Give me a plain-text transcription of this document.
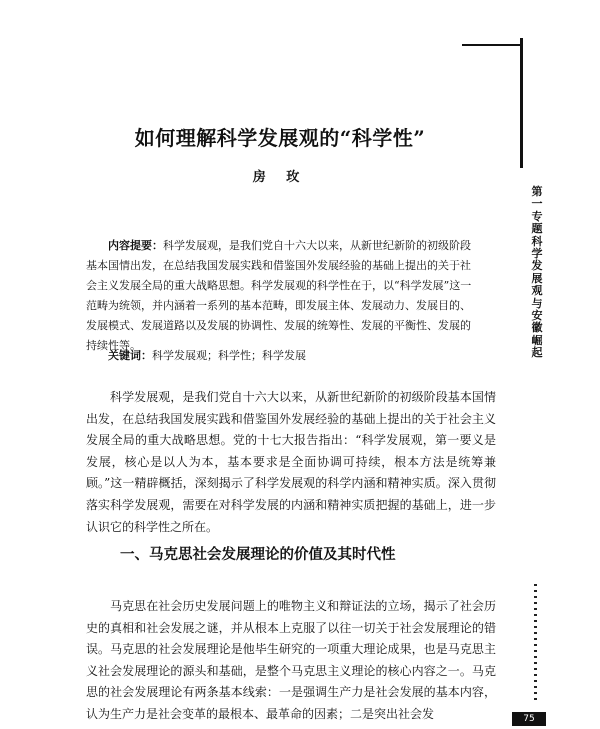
第一专题 科学发展观与安徽崛起
75
如何理解科学发展观的“科学性”

房 玫

内容提要：科学发展观，是我们党自十六大以来，从新世纪新阶的初级阶段基本国情出发，在总结我国发展实践和借鉴国外发展经验的基础上提出的关于社会主义发展全局的重大战略思想。科学发展观的科学性在于，以“科学发展”这一范畴为统领，并内涵着一系列的基本范畴，即发展主体、发展动力、发展目的、发展模式、发展道路以及发展的协调性、发展的统筹性、发展的平衡性、发展的持续性等。

关键词：科学发展观；科学性；科学发展

科学发展观，是我们党自十六大以来，从新世纪新阶的初级阶段基本国情出发，在总结我国发展实践和借鉴国外发展经验的基础上提出的关于社会主义发展全局的重大战略思想。党的十七大报告指出：“科学发展观，第一要义是发展，核心是以人为本，基本要求是全面协调可持续，根本方法是统筹兼顾。”这一精辟概括，深刻揭示了科学发展观的科学内涵和精神实质。深入贯彻落实科学发展观，需要在对科学发展的内涵和精神实质把握的基础上，进一步认识它的科学性之所在。

一、马克思社会发展理论的价值及其时代性

马克思在社会历史发展问题上的唯物主义和辩证法的立场，揭示了社会历史的真相和社会发展之谜，并从根本上克服了以往一切关于社会发展理论的错误。马克思的社会发展理论是他毕生研究的一项重大理论成果，也是马克思主义社会发展理论的源头和基础，是整个马克思主义理论的核心内容之一。马克思的社会发展理论有两条基本线索：一是强调生产力是社会发展的基本内容，认为生产力是社会变革的最根本、最革命的因素；二是突出社会发
